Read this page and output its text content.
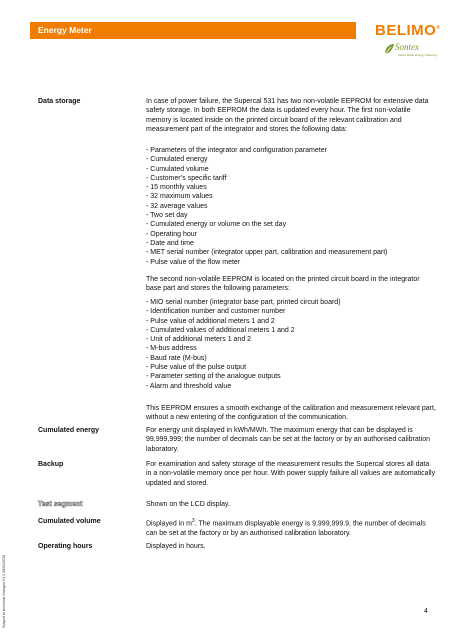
Energy Meter	BELIMO®
Sontex
Swiss Made Energy Metering
Data storage	In case of power failure, the Supercal 531 has two non-volatile EEPROM for extensive data safety storage. In both EEPROM the data is updated every hour. The first non-volatile memory is located inside on the printed circuit board of the relevant calibration and measurement part of the integrator and stores the following data:

- Parameters of the integrator and configuration parameter
- Cumulated energy
- Cumulated volume
- Customer’s specific tariff
- 15 monthly values
- 32 maximum values
- 32 average values
- Two set day
- Cumulated energy or volume on the set day
- Operating hour
- Date and time
- MET serial number (integrator upper part, calibration and measurement part)
- Pulse value of the flow meter

The second non-volatile EEPROM is located on the printed circuit board in the integrator base part and stores the following parameters:

- MIO serial number (integrator base part, printed circuit board)
- Identification number and customer number
- Pulse value of additional meters 1 and 2
- Cumulated values of additional meters 1 and 2
- Unit of additional meters 1 and 2
- M-bus address
- Baud rate (M-bus)
- Pulse value of the pulse output
- Parameter setting of the analogue outputs
- Alarm and threshold value

This EEPROM ensures a smooth exchange of the calibration and measurement relevant part, without a new entering of the configuration of the communication.

Cumulated energy	For energy unit displayed in kWh/MWh. The maximum energy that can be displayed is 99,999,999; the number of decimals can be set at the factory or by an authorised calibration laboratory.

Backup	For examination and safety storage of the measurement results the Supercal stores all data in a non-volatile memory once per hour. With power supply failure all values are automatically updated and stored.

Test segment	Shown on the LCD display.

Cumulated volume	Displayed in $m^3$. The maximum displayable energy is 9,999,999.9, the number of decimals can be set at the factory or by an authorised calibration laboratory.

Operating hours	Displayed in hours.

Subject to technical changes V1.2 28/02/2010	4
